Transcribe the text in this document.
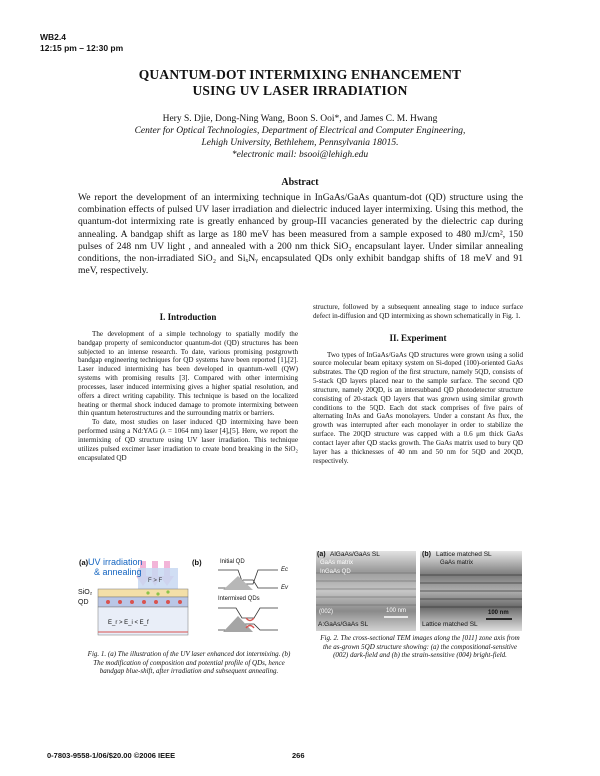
WB2.4
12:15 pm – 12:30 pm
QUANTUM-DOT INTERMIXING ENHANCEMENT
USING UV LASER IRRADIATION
Hery S. Djie, Dong-Ning Wang, Boon S. Ooi*, and James C. M. Hwang
Center for Optical Technologies, Department of Electrical and Computer Engineering,
Lehigh University, Bethlehem, Pennsylvania 18015.
*electronic mail: bsooi@lehigh.edu
Abstract
We report the development of an intermixing technique in InGaAs/GaAs quantum-dot (QD) structure using the combination effects of pulsed UV laser irradiation and dielectric induced layer intermixing. Using this method, the quantum-dot intermixing rate is greatly enhanced by group-III vacancies generated by the dielectric cap during annealing. A bandgap shift as large as 180 meV has been measured from a sample exposed to 480 mJ/cm², 150 pulses of 248 nm UV light , and annealed with a 200 nm thick SiO₂ encapsulant layer. Under similar annealing conditions, the non-irradiated SiO₂ and SiₓNᵧ encapsulated QDs only exhibit bandgap shifts of 18 meV and 91 meV, respectively.
I. Introduction

The development of a simple technology to spatially modify the bandgap property of semiconductor quantum-dot (QD) structures has been subjected to an intense research. To date, various promising postgrowth bandgap engineering techniques for QD systems have been reported [1],[2]. Laser induced intermixing has been developed in quantum-well (QW) systems with promising results [3]. Compared with other intermixing processes, laser induced intermixing gives a higher spatial resolution, and offers a direct writing capability. This technique is based on the localized heating or thermal shock induced damage to promote intermixing between thin quantum heterostructures and the surrounding matrix or barriers.

To date, most studies on laser induced QD intermixing have been performed using a Nd:YAG (λ = 1064 nm) laser [4],[5]. Here, we report the intermixing of QD structure using UV laser irradiation. This technique utilizes pulsed excimer laser irradiation to create bond breaking in the SiO₂ encapsulated QD

(a) UV irradiation
& annealing
F > F
SiO₂
QD
E_r > E_i < E_f
(b)	Initial QD
Intermixed QDs
Ec
Ev
Fig. 1. (a) The illustration of the UV laser enhanced dot intermixing. (b) The modification of composition and potential profile of QDs, hence bandgap blue-shift, after irradiation and subsequent annealing.

structure, followed by a subsequent annealing stage to induce surface defect in-diffusion and QD intermixing as shown schematically in Fig. 1.

II. Experiment

Two types of InGaAs/GaAs QD structures were grown using a solid source molecular beam epitaxy system on Si-doped (100)-oriented GaAs substrates. The QD region of the first structure, namely 5QD, consists of 5-stack QD layers placed near to the sample surface. The second QD structure, namely 20QD, is an intersubband QD photodetector structure consisting of 20-stack QD layers that was grown using similar growth conditions to the 5QD. Each dot stack comprises of five pairs of alternating InAs and GaAs monolayers. Under a constant As flux, the growth was interrupted after each monolayer in order to stabilize the surface. The 20QD structure was capped with a 0.6 μm thick GaAs contact layer after QD stacks growth. The GaAs matrix used to bury QD layer has a thicknesses of 40 nm and 50 nm for 5QD and 20QD, respectively.

(a) AlGaAs/GaAs SL
GaAs matrix
InGaAs QD
(002)	100 nm
A:GaAs/GaAs SL
(b) Lattice matched SL
GaAs matrix
100 nm
Lattice matched SL
Fig. 2. The cross-sectional TEM images along the [011] zone axis from the as-grown 5QD structure showing: (a) the compositional-sensitive (002) dark-field and (b) the strain-sensitive (004) bright-field.
0-7803-9558-1/06/$20.00 ©2006 IEEE	266
